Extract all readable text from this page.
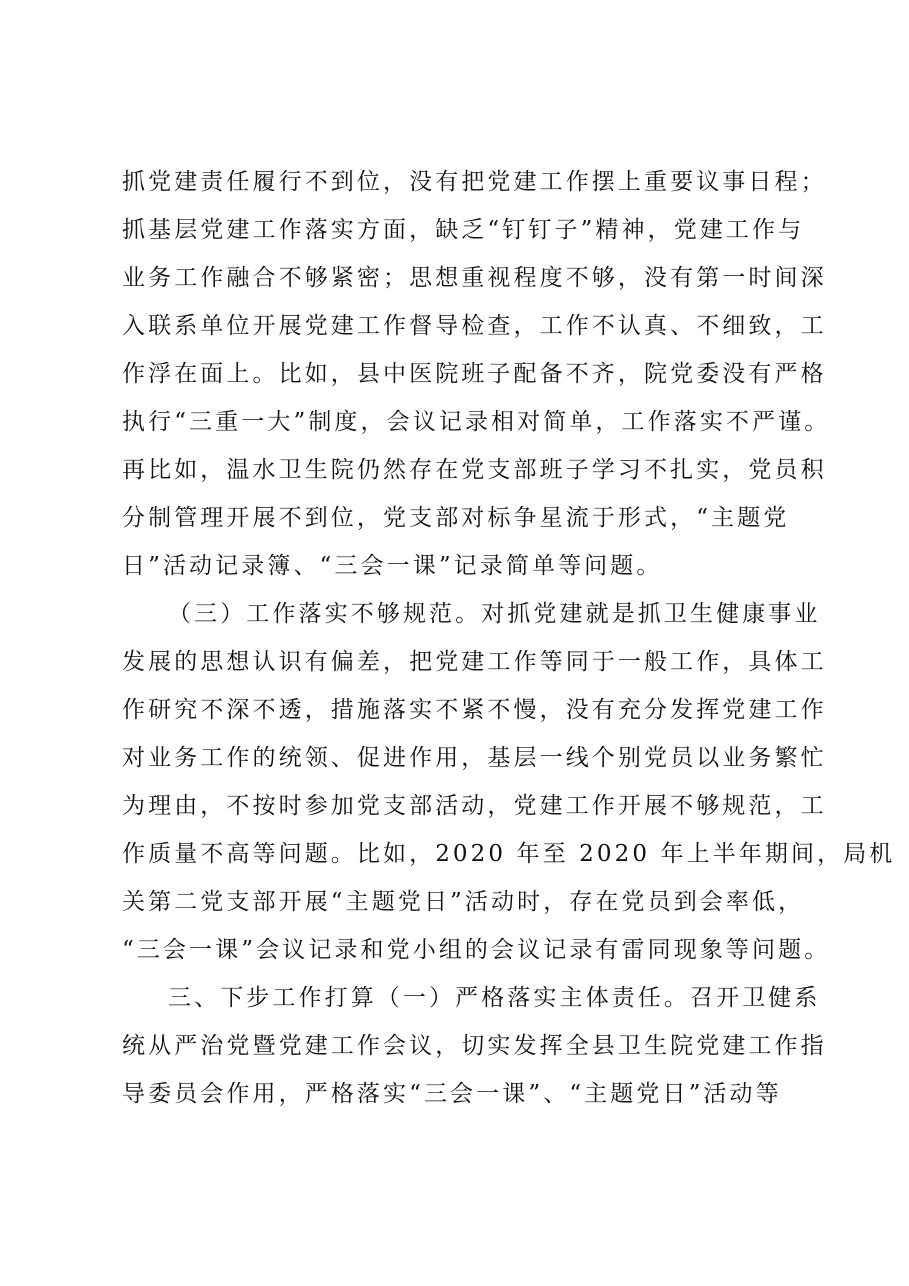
抓党建责任履行不到位，没有把党建工作摆上重要议事日程；
抓基层党建工作落实方面，缺乏“钉钉子”精神，党建工作与
业务工作融合不够紧密；思想重视程度不够，没有第一时间深
入联系单位开展党建工作督导检查，工作不认真、不细致，工
作浮在面上。比如，县中医院班子配备不齐，院党委没有严格
执行“三重一大”制度，会议记录相对简单，工作落实不严谨。
再比如，温水卫生院仍然存在党支部班子学习不扎实，党员积
分制管理开展不到位，党支部对标争星流于形式，“主题党
日”活动记录簿、“三会一课”记录简单等问题。
（三）工作落实不够规范。对抓党建就是抓卫生健康事业
发展的思想认识有偏差，把党建工作等同于一般工作，具体工
作研究不深不透，措施落实不紧不慢，没有充分发挥党建工作
对业务工作的统领、促进作用，基层一线个别党员以业务繁忙
为理由，不按时参加党支部活动，党建工作开展不够规范，工
作质量不高等问题。比如，2020 年至 2020 年上半年期间，局机
关第二党支部开展“主题党日”活动时，存在党员到会率低，
“三会一课”会议记录和党小组的会议记录有雷同现象等问题。
三、下步工作打算（一）严格落实主体责任。召开卫健系
统从严治党暨党建工作会议，切实发挥全县卫生院党建工作指
导委员会作用，严格落实“三会一课”、“主题党日”活动等
